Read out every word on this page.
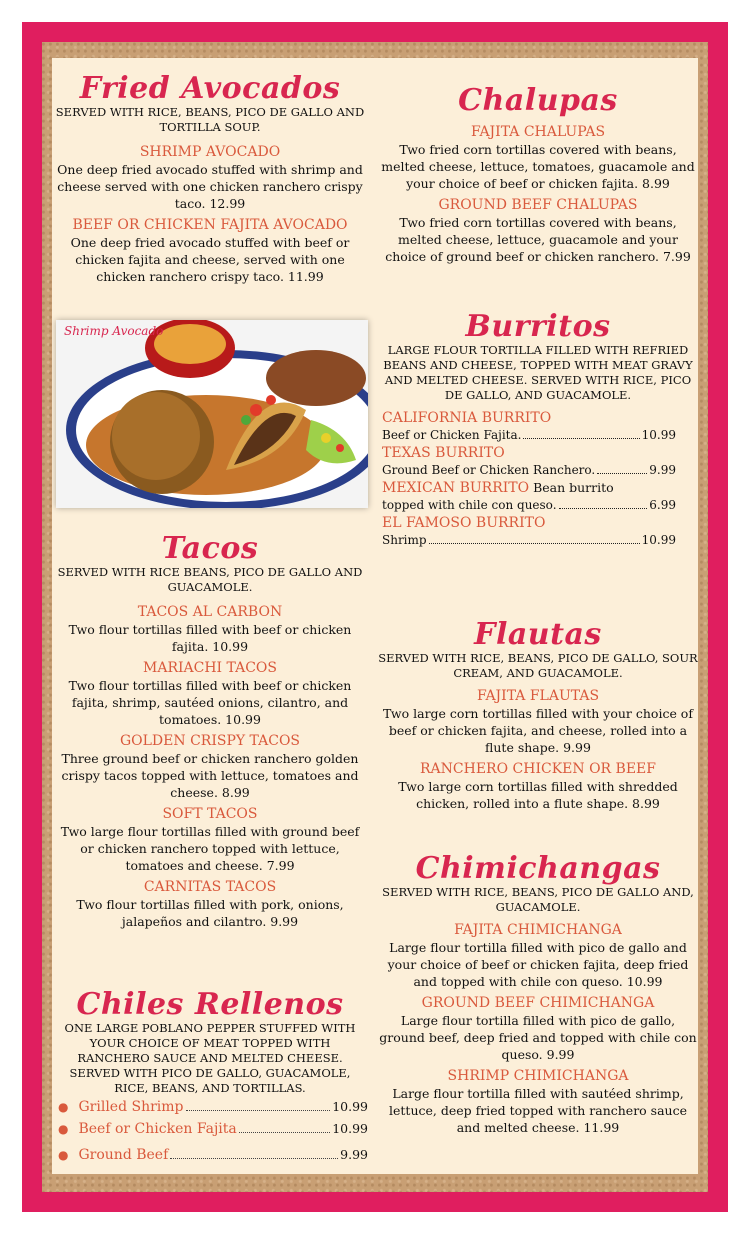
Fried Avocados

SERVED WITH RICE, BEANS, PICO DE GALLO AND TORTILLA SOUP.

SHRIMP AVOCADO

One deep fried avocado stuffed with shrimp and cheese served with one chicken ranchero crispy taco. 12.99

BEEF OR CHICKEN FAJITA AVOCADO

One deep fried avocado stuffed with beef or chicken fajita and cheese, served with one chicken ranchero crispy taco. 11.99

Shrimp Avocado
Tacos

SERVED WITH RICE BEANS, PICO DE GALLO AND GUACAMOLE.

TACOS AL CARBON

Two flour tortillas filled with beef or chicken fajita. 10.99

MARIACHI TACOS

Two flour tortillas filled with beef or chicken fajita, shrimp, sautéed onions, cilantro, and tomatoes. 10.99

GOLDEN CRISPY TACOS

Three ground beef or chicken ranchero golden crispy tacos topped with lettuce, tomatoes and cheese. 8.99

SOFT TACOS

Two large flour tortillas filled with ground beef or chicken ranchero topped with lettuce, tomatoes and cheese. 7.99

CARNITAS TACOS

Two flour tortillas filled with pork, onions, jalapeños and cilantro. 9.99

Chiles Rellenos

ONE LARGE POBLANO PEPPER STUFFED WITH YOUR CHOICE OF MEAT TOPPED WITH RANCHERO SAUCE AND MELTED CHEESE. SERVED WITH PICO DE GALLO, GUACAMOLE, RICE, BEANS, AND TORTILLAS.

● Grilled Shrimp	10.99
● Beef or Chicken Fajita	10.99
● Ground Beef	9.99
Chalupas

FAJITA CHALUPAS

Two fried corn tortillas covered with beans, melted cheese, lettuce, tomatoes, guacamole and your choice of beef or chicken fajita. 8.99

GROUND BEEF CHALUPAS

Two fried corn tortillas covered with beans, melted cheese, lettuce, guacamole and your choice of ground beef or chicken ranchero. 7.99

Burritos

LARGE FLOUR TORTILLA FILLED WITH REFRIED BEANS AND CHEESE, TOPPED WITH MEAT GRAVY AND MELTED CHEESE. SERVED WITH RICE, PICO DE GALLO, AND GUACAMOLE.

CALIFORNIA BURRITO

Beef or Chicken Fajita.	10.99

TEXAS BURRITO

Ground Beef or Chicken Ranchero.	9.99

MEXICAN BURRITO Bean burrito

topped with chile con queso.	6.99

EL FAMOSO BURRITO

Shrimp	10.99
Flautas

SERVED WITH RICE, BEANS, PICO DE GALLO, SOUR CREAM, AND GUACAMOLE.

FAJITA FLAUTAS

Two large corn tortillas filled with your choice of beef or chicken fajita, and cheese, rolled into a flute shape. 9.99

RANCHERO CHICKEN OR BEEF

Two large corn tortillas filled with shredded chicken, rolled into a flute shape. 8.99

Chimichangas

SERVED WITH RICE, BEANS, PICO DE GALLO AND, GUACAMOLE.

FAJITA CHIMICHANGA

Large flour tortilla filled with pico de gallo and your choice of beef or chicken fajita, deep fried and topped with chile con queso. 10.99

GROUND BEEF CHIMICHANGA

Large flour tortilla filled with pico de gallo, ground beef, deep fried and topped with chile con queso. 9.99

SHRIMP CHIMICHANGA

Large flour tortilla filled with sautéed shrimp, lettuce, deep fried topped with ranchero sauce and melted cheese. 11.99
